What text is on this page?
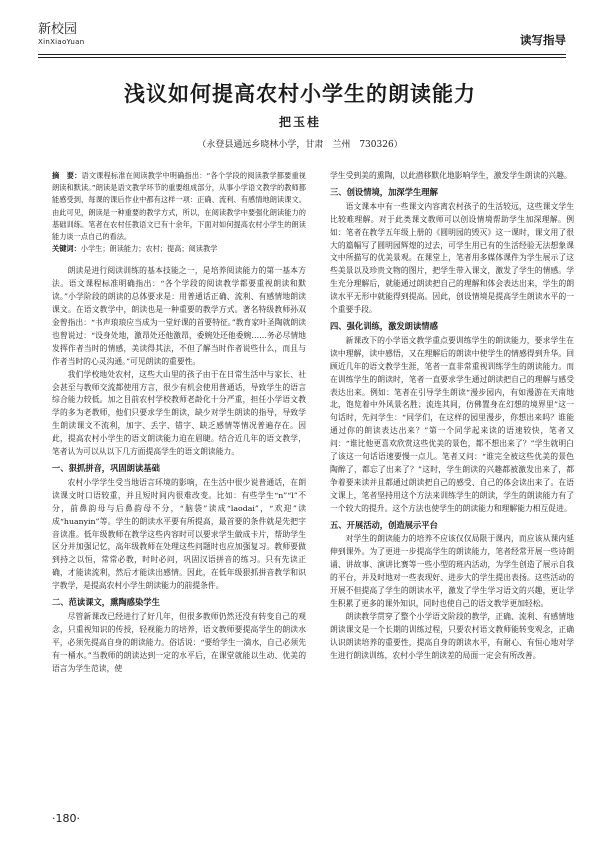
新校园
XinXiaoYuan	读写指导
浅议如何提高农村小学生的朗读能力
把玉桂
（永登县通远乡晓林小学，甘肃　兰州　730326）

摘　要：语文课程标准在阅读教学中明确指出：“各个学段的阅读教学都要重视朗读和默读。”朗读是语文教学环节的重要组成部分，从事小学语文教学的教师都能感受到，每课的课后作业中都有这样一项：正确、流利、有感情地朗读课文。由此可见，朗读是一种重要的教学方式，所以，在阅读教学中要强化朗读能力的基础训练。笔者在农村任教语文已有十余年，下面对如何提高农村小学生的朗读能力谈一点自己的看法。

关键词：小学生；朗读能力；农村；提高；阅读教学

朗读是进行阅读训练的基本技能之一，是培养阅读能力的第一基本方法。语文课程标准明确指出：“各个学段的阅读教学都要重视朗读和默读。”小学阶段的朗读的总体要求是：用普通话正确、流利、有感情地朗读课文。在语文教学中，朗读也是一种重要的教学方式。著名特级教师孙双金曾指出：“书声琅琅应当成为一堂好课的首要特征。”教育家叶圣陶就朗读也曾说过：“设身处地，激昂处还他激昂，委婉处还他委婉……务必尽情地发挥作者当时的情感，美读得其法，不但了解当时作者说些什么，而且与作者当时的心灵沟通。”可见朗读的重要性。

我们学校地处农村，这些大山里的孩子由于在日常生活中与家长、社会甚至与教师交流都使用方言，很少有机会使用普通话，导致学生的语言综合能力较低。加之目前农村学校教师老龄化十分严重，担任小学语文教学的多为老教师，他们只要求学生朗读，缺少对学生朗读的指导，导致学生朗读课文不流利，加字、丢字、错字、缺乏感情等情况普遍存在。因此，提高农村小学生的语文朗读能力迫在眉睫。结合近几年的语文教学，笔者认为可以从以下几方面提高学生的语文朗读能力。

一、狠抓拼音，巩固朗读基础

农村小学学生受当地语言环境的影响，在生活中很少说普通话，在朗读课文时口语较重，并且短时间内很难改变。比如：有些学生“n”“l”不分，前鼻韵母与后鼻韵母不分，“脑袋”读成“laodai”，“欢迎”读成“huanyin”等。学生的朗读水平要有所提高，最首要的条件就是先把字音读准。低年级教师在教学这些内容时可以要求学生做成卡片，帮助学生区分并加强记忆，高年级教师在处理这些问题时也应加强复习。教师要做到持之以恒，常常必教，时时必问，巩固汉语拼音的练习。只有先读正确，才能读流利，然后才能读出感情。因此，在低年级狠抓拼音教学和识字教学，是提高农村小学生朗读能力的前提条件。

二、范读课文，熏陶感染学生

尽管新课改已经进行了好几年，但很多教师仍然还没有转变自己的观念，只重视知识的传授，轻视能力的培养，语文教师要提高学生的朗读水平，必须先提高自身的朗读能力。俗话说：“要给学生一滴水，自己必须先有一桶水。”当教师的朗读达到一定的水平后，在课堂就能以生动、优美的语言为学生范读，使

学生受到美的熏陶，以此潜移默化地影响学生，激发学生朗读的兴趣。

三、创设情境，加深学生理解

语文课本中有一些课文内容离农村孩子的生活较远，这些课文学生比较难理解。对于此类课文教师可以创设情境帮助学生加深理解。例如：笔者在教学五年级上册的《圆明园的毁灭》这一课时，课文用了很大的篇幅写了圆明园辉煌的过去，可学生用已有的生活经验无法想象课文中所描写的优美景观。在课堂上，笔者用多媒体课件为学生展示了这些美景以及珍贵文物的图片，把学生带入课文，激发了学生的情感。学生充分理解后，就能通过朗读把自己的理解和体会表达出来，学生的朗读水平无形中就能得到提高。因此，创设情境是提高学生朗读水平的一个重要手段。

四、强化训练，激发朗读情感

新课改下的小学语文教学重点要训练学生的朗读能力，要求学生在读中理解，读中感悟，又在理解后的朗读中使学生的情感得到升华。回顾近几年的语文教学生涯，笔者一直非常重视训练学生的朗读能力。而在训练学生的朗读时，笔者一直要求学生通过朗读把自己的理解与感受表达出来。例如：笔者在引导学生朗读“漫步园内，有如漫游在天南地北，饱览着中外风景名胜；流连其间，仿佛置身在幻想的境界里”这一句话时，先问学生：“同学们，在这样的园里漫步，你想出来吗？谁能通过你的朗读表达出来？”第一个同学起来读的语速较快，笔者又问：“谁比他更喜欢欣赏这些优美的景色，都不想出来了？”学生就明白了该这一句话语速要慢一点儿。笔者又问：“谁完全被这些优美的景色陶醉了，都忘了出来了？”这时，学生朗读的兴趣都被激发出来了，都争着要来读并且都通过朗读把自己的感受、自己的体会读出来了。在语文课上，笔者坚持用这个方法来训练学生的朗读，学生的朗读能力有了一个较大的提升。这个方法也使学生的朗读能力和理解能力相互促进。

五、开展活动，创造展示平台

对学生的朗读能力的培养不应该仅仅局限于课内，而应该从课内延伸到课外。为了更进一步提高学生的朗读能力，笔者经常开展一些诗朗诵、讲故事、演讲比赛等一些小型的班内活动，为学生创造了展示自我的平台，并及时地对一些表现好、进步大的学生提出表扬。这些活动的开展不但提高了学生的朗读水平，激发了学生学习语文的兴趣，更让学生积累了更多的课外知识，同时也使自己的语文教学更加轻松。

朗读教学贯穿了整个小学语文阶段的教学，正确、流利、有感情地朗读课文是一个长期的训练过程，只要农村语文教师能转变观念，正确认识朗读培养的重要性，提高自身的朗读水平，有耐心、有恒心地对学生进行朗读训练，农村小学生朗读差的局面一定会有所改善。

·180·
